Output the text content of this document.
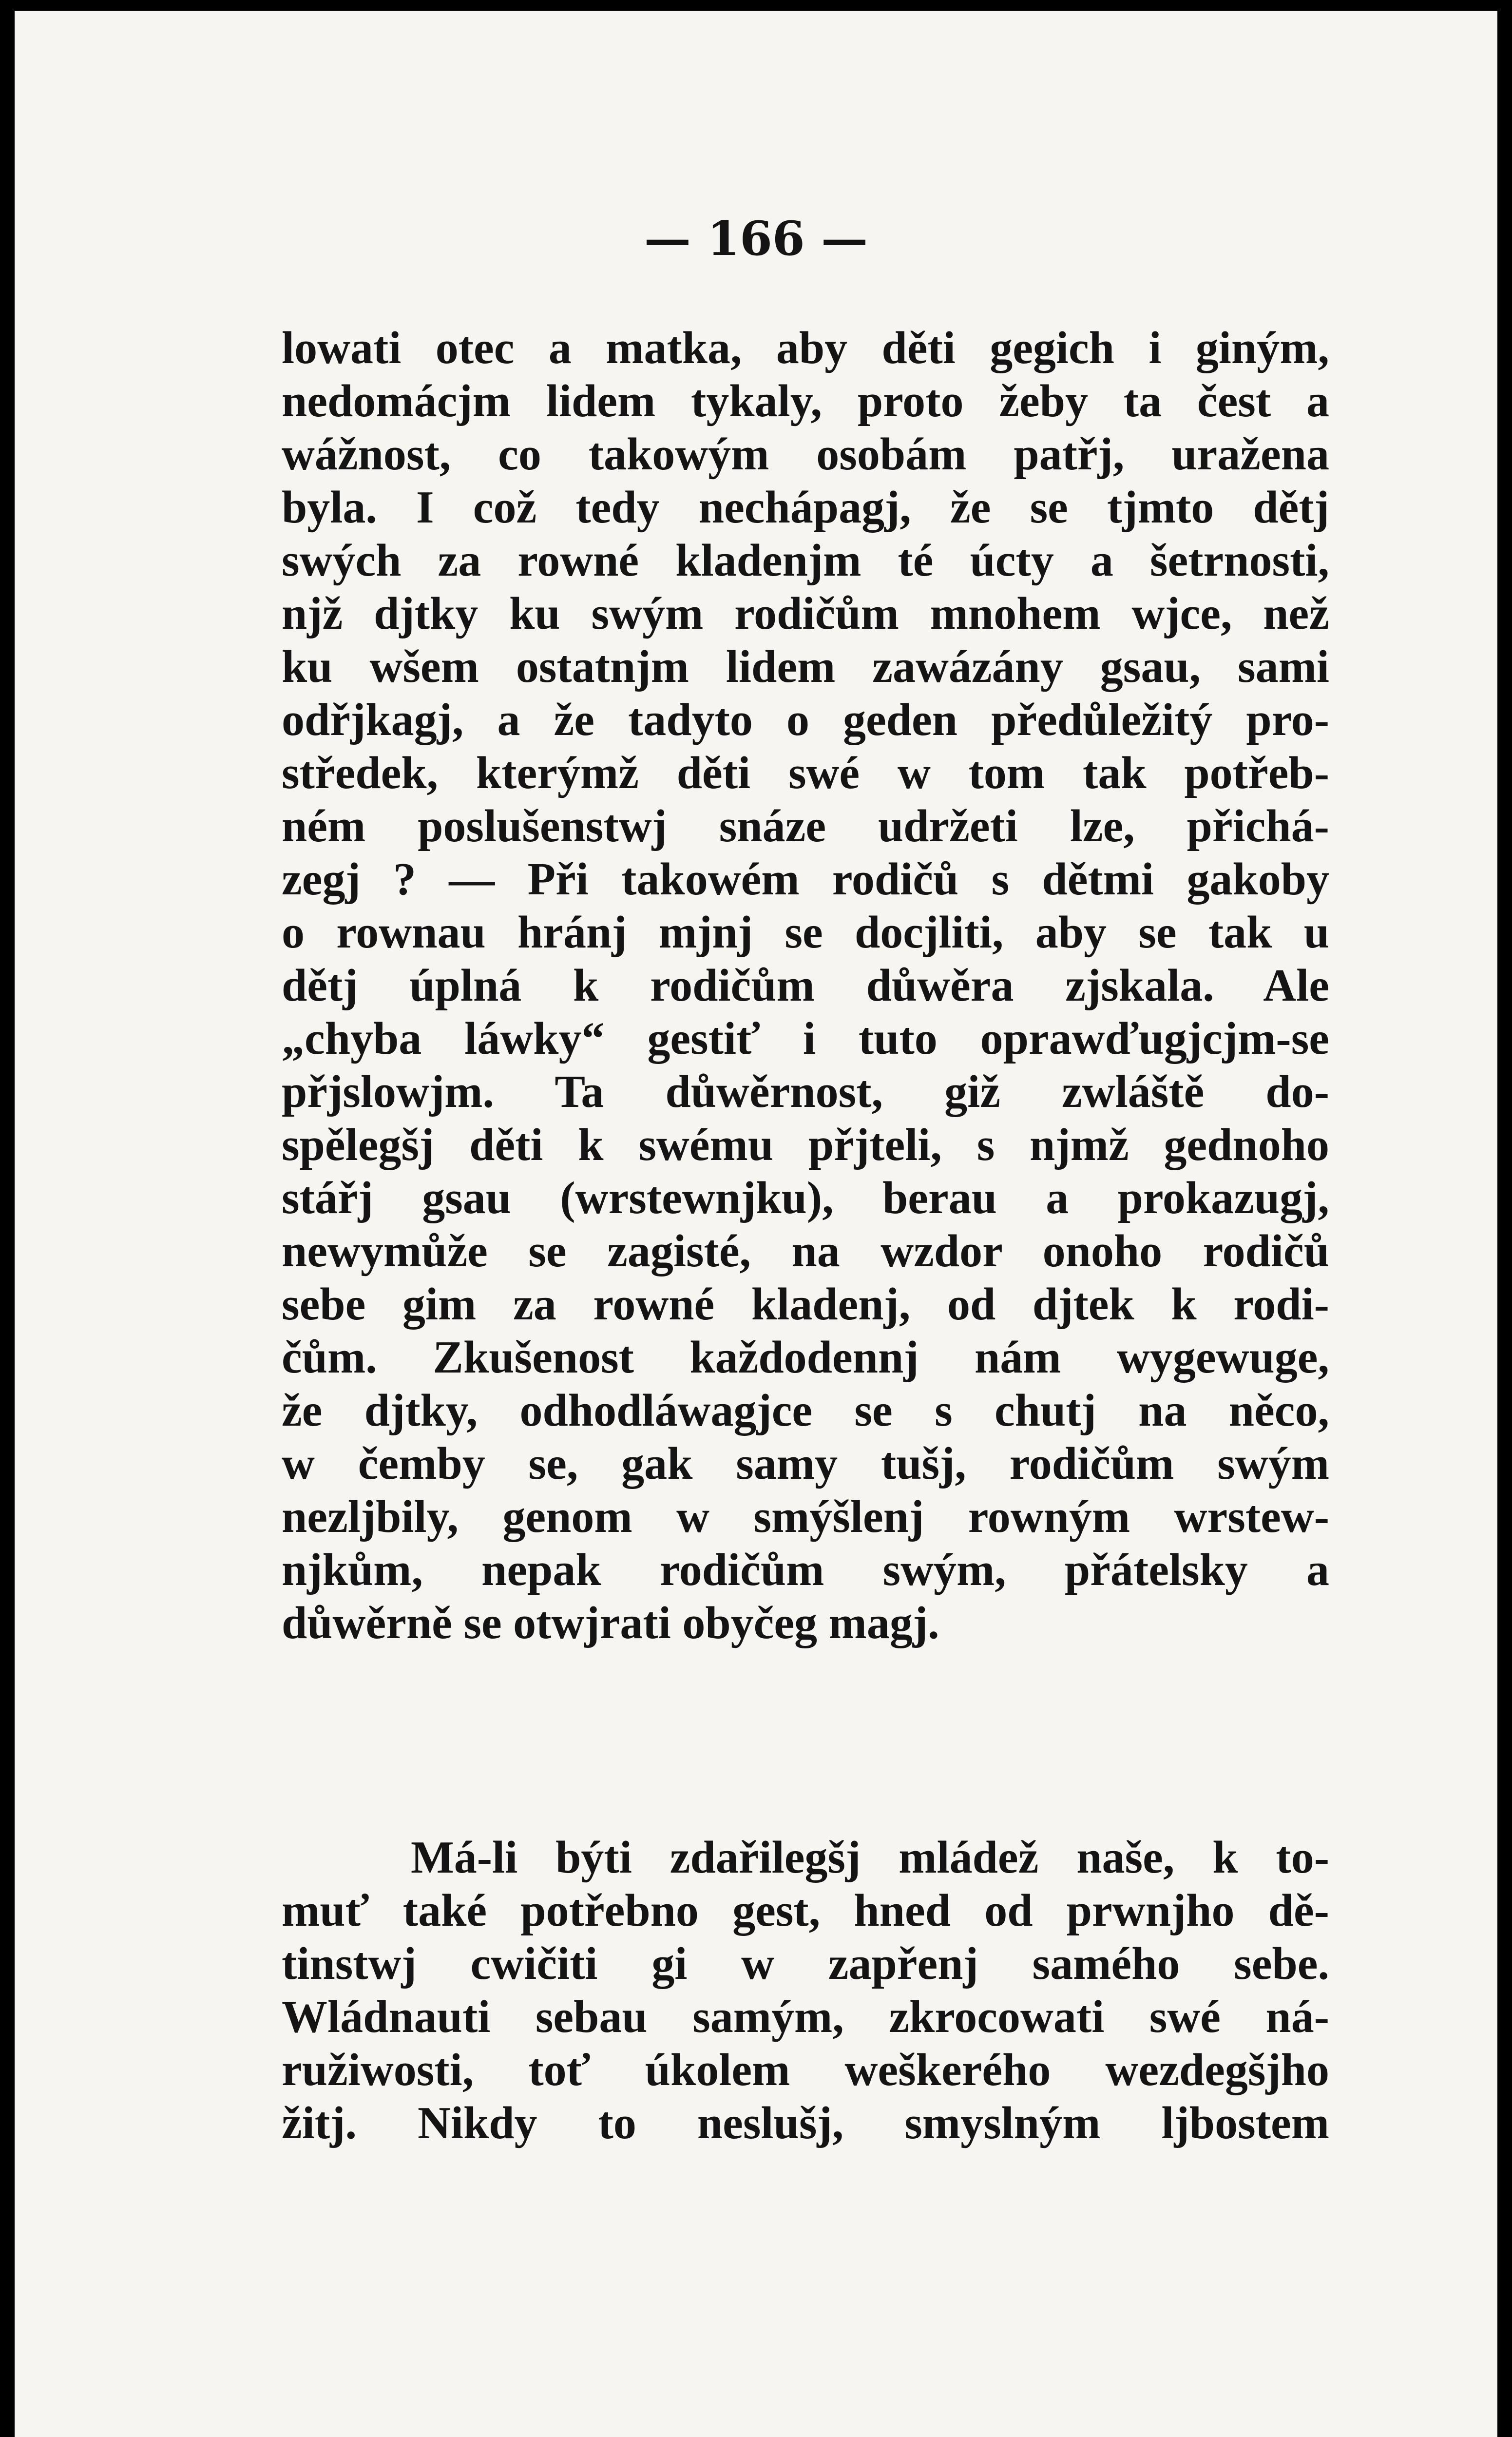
— 166 —
lowati otec a matka, aby děti gegich i giným,
nedomácjm lidem tykaly, proto žeby ta čest a
wážnost, co takowým osobám patřj, uražena
byla. I což tedy nechápagj, že se tjmto dětj
swých za rowné kladenjm té úcty a šetrnosti,
njž djtky ku swým rodičům mnohem wjce, než
ku wšem ostatnjm lidem zawázány gsau, sami
odřjkagj, a že tadyto o geden předůležitý pro-
středek, kterýmž děti swé w tom tak potřeb-
ném poslušenstwj snáze udržeti lze, přichá-
zegj ? — Při takowém rodičů s dětmi gakoby
o rownau hránj mjnj se docjliti, aby se tak u
dětj úplná k rodičům důwěra zjskala. Ale
„chyba láwky“ gestiť i tuto oprawďugjcjm-se
přjslowjm. Ta důwěrnost, giž zwláště do-
spělegšj děti k swému přjteli, s njmž gednoho
stářj gsau (wrstewnjku), berau a prokazugj,
newymůže se zagisté, na wzdor onoho rodičů
sebe gim za rowné kladenj, od djtek k rodi-
čům. Zkušenost každodennj nám wygewuge,
že djtky, odhodláwagjce se s chutj na něco,
w čemby se, gak samy tušj, rodičům swým
nezljbily, genom w smýšlenj rowným wrstew-
njkům, nepak rodičům swým, přátelsky a
důwěrně se otwjrati obyčeg magj.
Má-li býti zdařilegšj mládež naše, k to-
muť také potřebno gest, hned od prwnjho dě-
tinstwj cwičiti gi w zapřenj samého sebe.
Wládnauti sebau samým, zkrocowati swé ná-
ružiwosti, toť úkolem weškerého wezdegšjho
žitj. Nikdy to neslušj, smyslným ljbostem
